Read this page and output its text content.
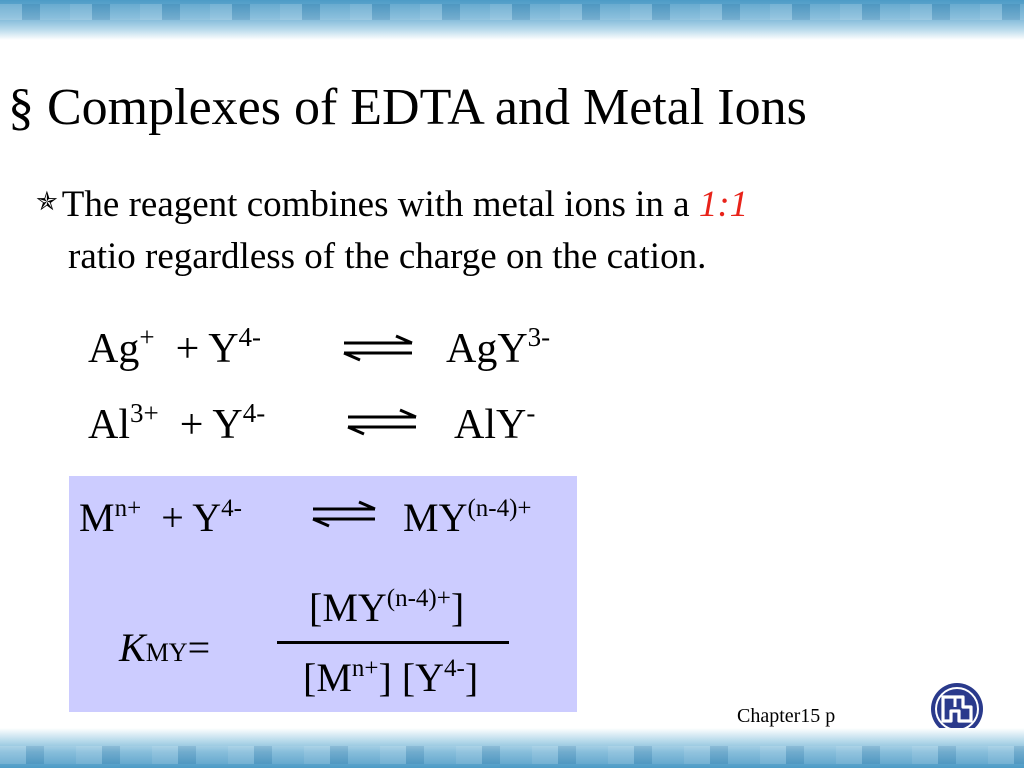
§ Complexes of EDTA and Metal Ions
✯ The reagent combines with metal ions in a 1:1
ratio regardless of the charge on the cation.
$Ag^+ + Y^{4-}$	AgY$^{3-}$
$Al^{3+} + Y^{4-}$	AlY-
$M^{n+} + Y^{4-}$	$MY^{(n-4)+}$
KMY=
$[MY^{(n-4)+}]$
$[M^{n+}]$ $[Y^{4-}]$
Chapter15 p
